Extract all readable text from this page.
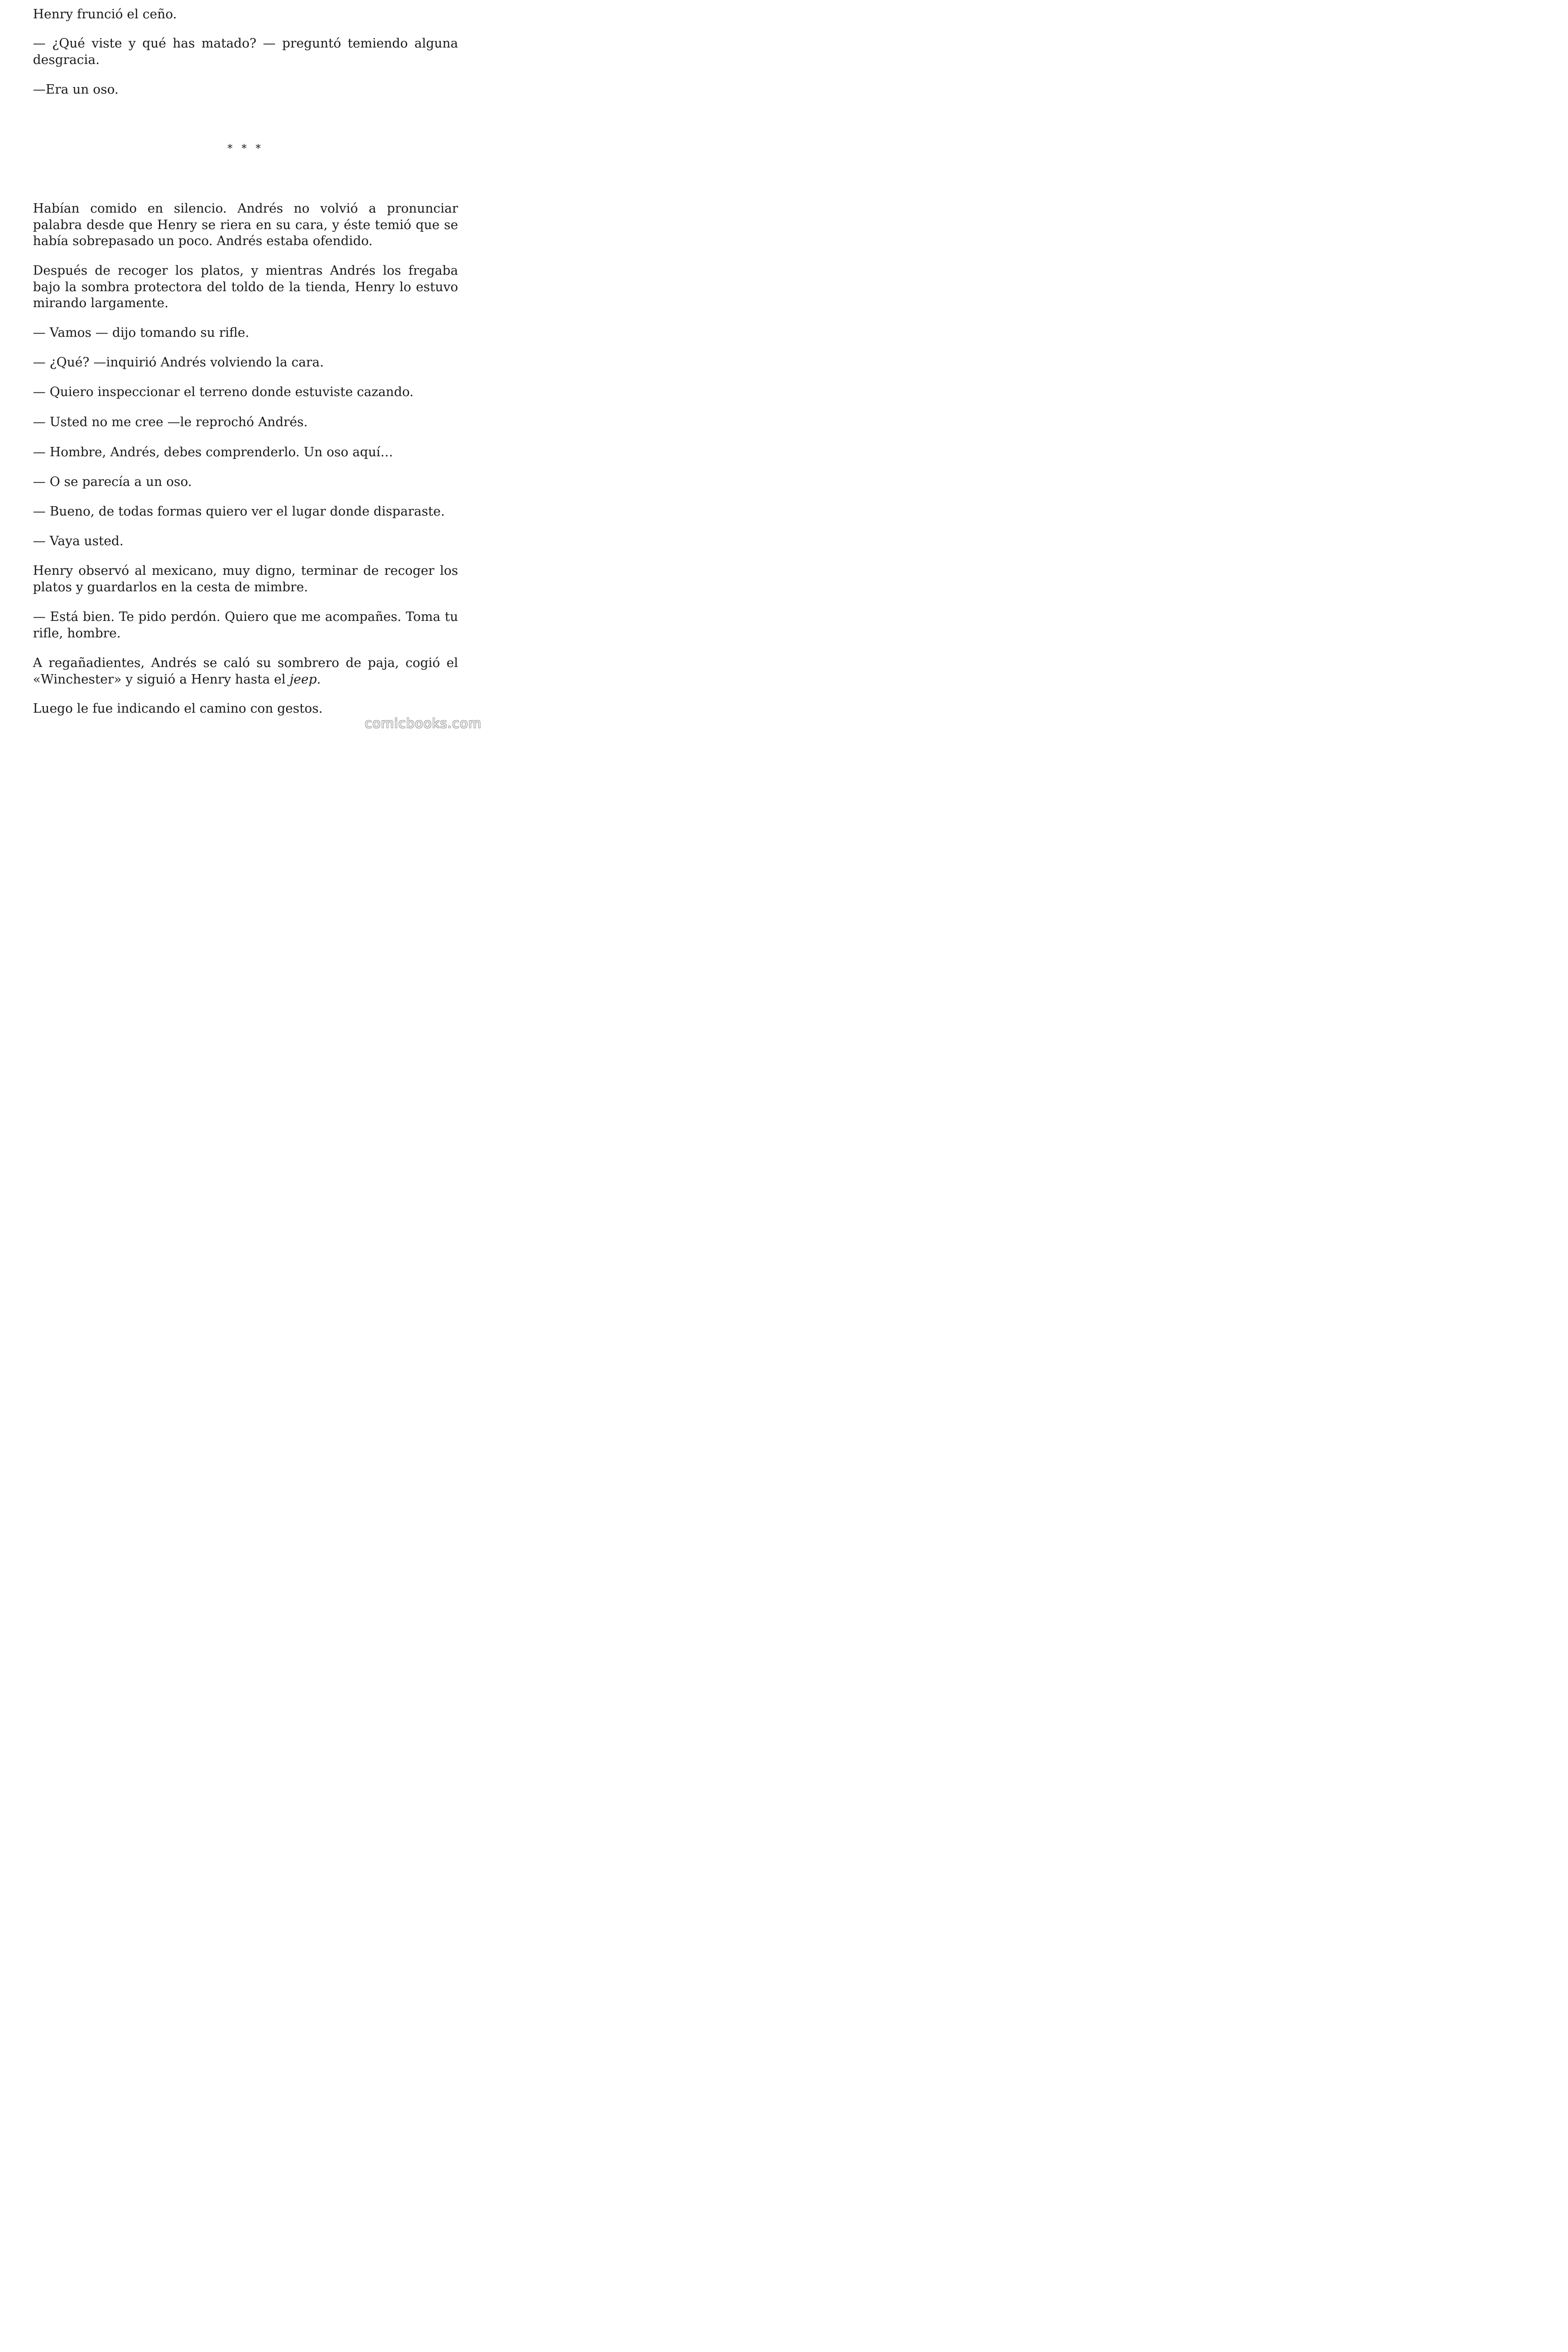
Henry frunció el ceño.

— ¿Qué viste y qué has matado? — preguntó temiendo alguna desgracia.

—Era un oso.

* * *

Habían comido en silencio. Andrés no volvió a pronunciar palabra desde que Henry se riera en su cara, y éste temió que se había sobrepasado un poco. Andrés estaba ofendido.

Después de recoger los platos, y mientras Andrés los fregaba bajo la sombra protectora del toldo de la tienda, Henry lo estuvo mirando largamente.

— Vamos — dijo tomando su rifle.

— ¿Qué? —inquirió Andrés volviendo la cara.

— Quiero inspeccionar el terreno donde estuviste cazando.

— Usted no me cree —le reprochó Andrés.

— Hombre, Andrés, debes comprenderlo. Un oso aquí…

— O se parecía a un oso.

— Bueno, de todas formas quiero ver el lugar donde disparaste.

— Vaya usted.

Henry observó al mexicano, muy digno, terminar de recoger los platos y guardarlos en la cesta de mimbre.

— Está bien. Te pido perdón. Quiero que me acompañes. Toma tu rifle, hombre.

A regañadientes, Andrés se caló su sombrero de paja, cogió el «Winchester» y siguió a Henry hasta el jeep.

Luego le fue indicando el camino con gestos.

comicbooks.com
